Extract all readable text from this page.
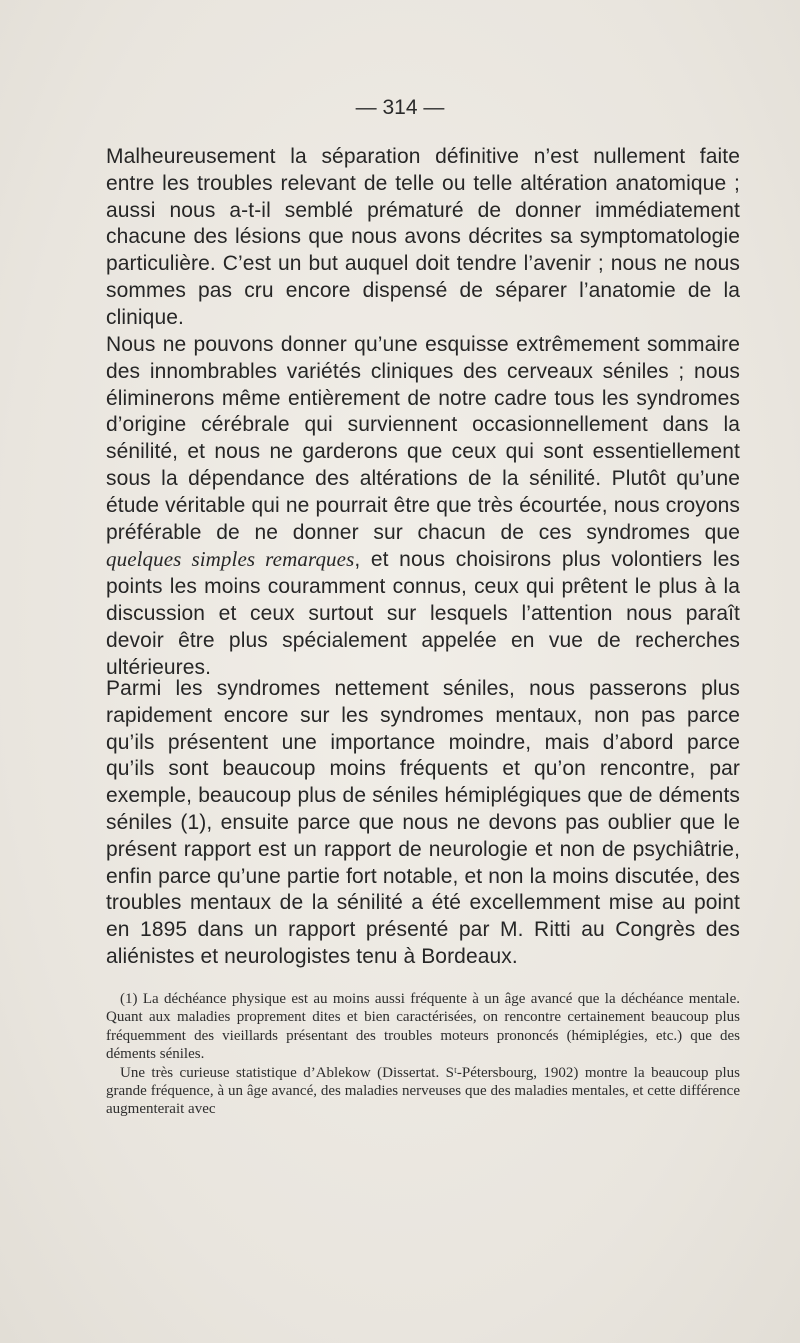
— 314 —

Malheureusement la séparation définitive n’est nullement faite entre les troubles relevant de telle ou telle altération anatomique ; aussi nous a-t-il semblé prématuré de donner immédiatement chacune des lésions que nous avons décrites sa symptomatologie particulière. C’est un but auquel doit tendre l’avenir ; nous ne nous sommes pas cru encore dispensé de séparer l’anatomie de la clinique.

Nous ne pouvons donner qu’une esquisse extrêmement sommaire des innombrables variétés cliniques des cerveaux séniles ; nous éliminerons même entièrement de notre cadre tous les syndromes d’origine cérébrale qui surviennent occasionnellement dans la sénilité, et nous ne garderons que ceux qui sont essentiellement sous la dépendance des altérations de la sénilité. Plutôt qu’une étude véritable qui ne pourrait être que très écourtée, nous croyons préférable de ne donner sur chacun de ces syndromes que quelques simples remarques, et nous choisirons plus volontiers les points les moins couramment connus, ceux qui prêtent le plus à la discussion et ceux surtout sur lesquels l’attention nous paraît devoir être plus spécialement appelée en vue de recherches ultérieures.

Parmi les syndromes nettement séniles, nous passerons plus rapidement encore sur les syndromes mentaux, non pas parce qu’ils présentent une importance moindre, mais d’abord parce qu’ils sont beaucoup moins fréquents et qu’on rencontre, par exemple, beaucoup plus de séniles hémiplégiques que de déments séniles (1), ensuite parce que nous ne devons pas oublier que le présent rapport est un rapport de neurologie et non de psychiâtrie, enfin parce qu’une partie fort notable, et non la moins discutée, des troubles mentaux de la sénilité a été excellemment mise au point en 1895 dans un rapport présenté par M. Ritti au Congrès des aliénistes et neurologistes tenu à Bordeaux.

(1) La déchéance physique est au moins aussi fréquente à un âge avancé que la déchéance mentale. Quant aux maladies proprement dites et bien caractérisées, on rencontre certainement beaucoup plus fréquemment des vieillards présentant des troubles moteurs prononcés (hémiplégies, etc.) que des déments séniles.

Une très curieuse statistique d’Ablekow (Dissertat. Sᵗ-Pétersbourg, 1902) montre la beaucoup plus grande fréquence, à un âge avancé, des maladies nerveuses que des maladies mentales, et cette différence augmenterait avec
